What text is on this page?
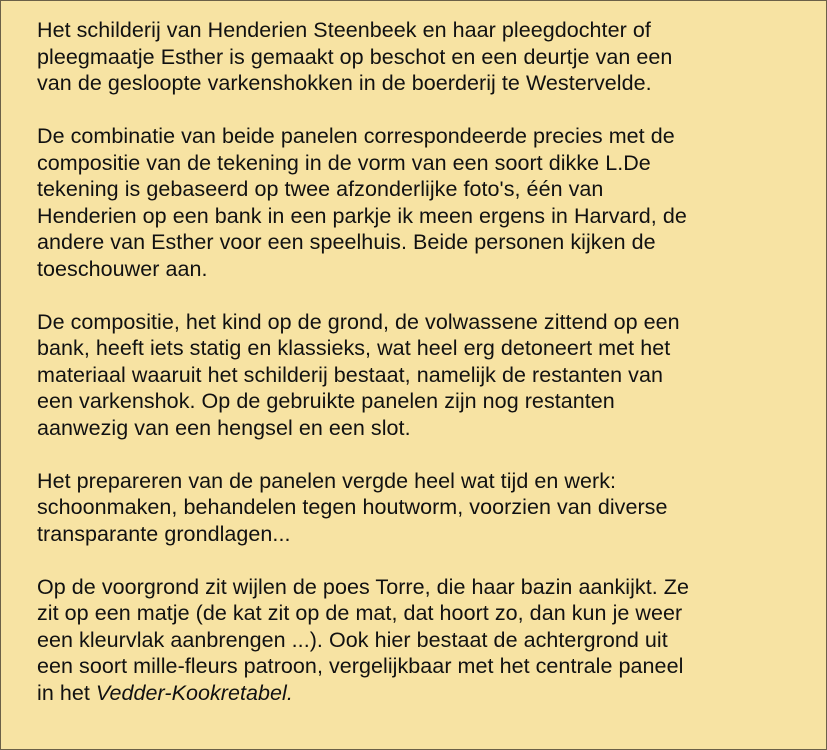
Het schilderij van Henderien Steenbeek en haar pleegdochter of
pleegmaatje Esther is gemaakt op beschot en een deurtje van een
van de gesloopte varkenshokken in de boerderij te Westervelde.

De combinatie van beide panelen correspondeerde precies met de
compositie van de tekening in de vorm van een soort dikke L.De
tekening is gebaseerd op twee afzonderlijke foto's, één van
Henderien op een bank in een parkje ik meen ergens in Harvard, de
andere van Esther voor een speelhuis. Beide personen kijken de
toeschouwer aan.

De compositie, het kind op de grond, de volwassene zittend op een
bank, heeft iets statig en klassieks, wat heel erg detoneert met het
materiaal waaruit het schilderij bestaat, namelijk de restanten van
een varkenshok. Op de gebruikte panelen zijn nog restanten
aanwezig van een hengsel en een slot.

Het prepareren van de panelen vergde heel wat tijd en werk:
schoonmaken, behandelen tegen houtworm, voorzien van diverse
transparante grondlagen...

Op de voorgrond zit wijlen de poes Torre, die haar bazin aankijkt. Ze
zit op een matje (de kat zit op de mat, dat hoort zo, dan kun je weer
een kleurvlak aanbrengen ...). Ook hier bestaat de achtergrond uit
een soort mille-fleurs patroon, vergelijkbaar met het centrale paneel
in het Vedder-Kookretabel.
